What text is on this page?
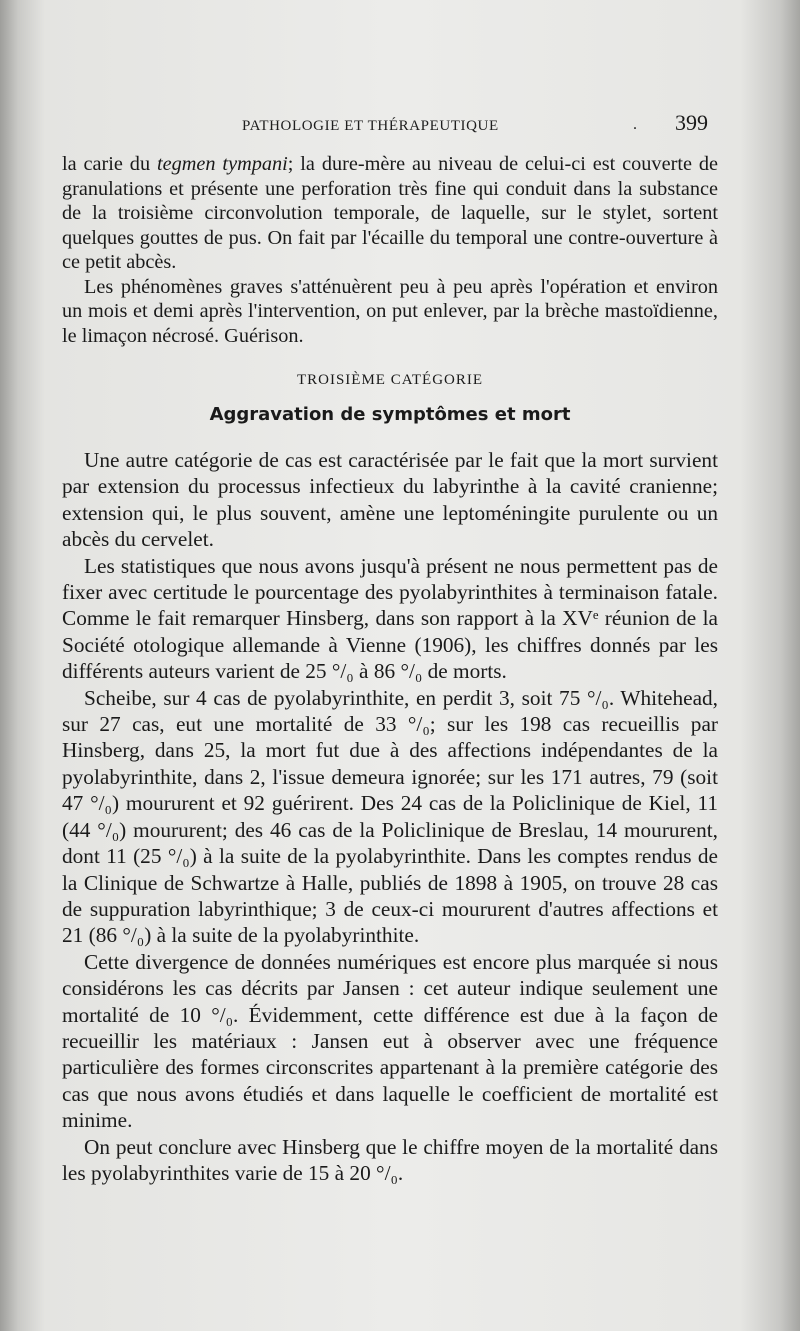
PATHOLOGIE ET THÉRAPEUTIQUE	. 399

la carie du tegmen tympani; la dure-mère au niveau de celui-ci est couverte de granulations et présente une perforation très fine qui conduit dans la substance de la troisième circonvolution temporale, de laquelle, sur le stylet, sortent quelques gouttes de pus. On fait par l'écaille du temporal une contre-ouverture à ce petit abcès.

Les phénomènes graves s'atténuèrent peu à peu après l'opération et environ un mois et demi après l'intervention, on put enlever, par la brèche mastoïdienne, le limaçon nécrosé. Guérison.

TROISIÈME CATÉGORIE
Aggravation de symptômes et mort

Une autre catégorie de cas est caractérisée par le fait que la mort survient par extension du processus infectieux du labyrinthe à la cavité cranienne; extension qui, le plus souvent, amène une leptoméningite purulente ou un abcès du cervelet.

Les statistiques que nous avons jusqu'à présent ne nous permettent pas de fixer avec certitude le pourcentage des pyolabyrinthites à terminaison fatale. Comme le fait remarquer Hinsberg, dans son rapport à la XVᵉ réunion de la Société otologique allemande à Vienne (1906), les chiffres donnés par les différents auteurs varient de 25 °/₀ à 86 °/₀ de morts.

Scheibe, sur 4 cas de pyolabyrinthite, en perdit 3, soit 75 °/₀. Whitehead, sur 27 cas, eut une mortalité de 33 °/₀; sur les 198 cas recueillis par Hinsberg, dans 25, la mort fut due à des affections indépendantes de la pyolabyrinthite, dans 2, l'issue demeura ignorée; sur les 171 autres, 79 (soit 47 °/₀) moururent et 92 guérirent. Des 24 cas de la Policlinique de Kiel, 11 (44 °/₀) moururent; des 46 cas de la Policlinique de Breslau, 14 moururent, dont 11 (25 °/₀) à la suite de la pyolabyrinthite. Dans les comptes rendus de la Clinique de Schwartze à Halle, publiés de 1898 à 1905, on trouve 28 cas de suppuration labyrinthique; 3 de ceux-ci moururent d'autres affections et 21 (86 °/₀) à la suite de la pyolabyrinthite.

Cette divergence de données numériques est encore plus marquée si nous considérons les cas décrits par Jansen : cet auteur indique seulement une mortalité de 10 °/₀. Évidemment, cette différence est due à la façon de recueillir les matériaux : Jansen eut à observer avec une fréquence particulière des formes circonscrites appartenant à la première catégorie des cas que nous avons étudiés et dans laquelle le coefficient de mortalité est minime.

On peut conclure avec Hinsberg que le chiffre moyen de la mortalité dans les pyolabyrinthites varie de 15 à 20 °/₀.
